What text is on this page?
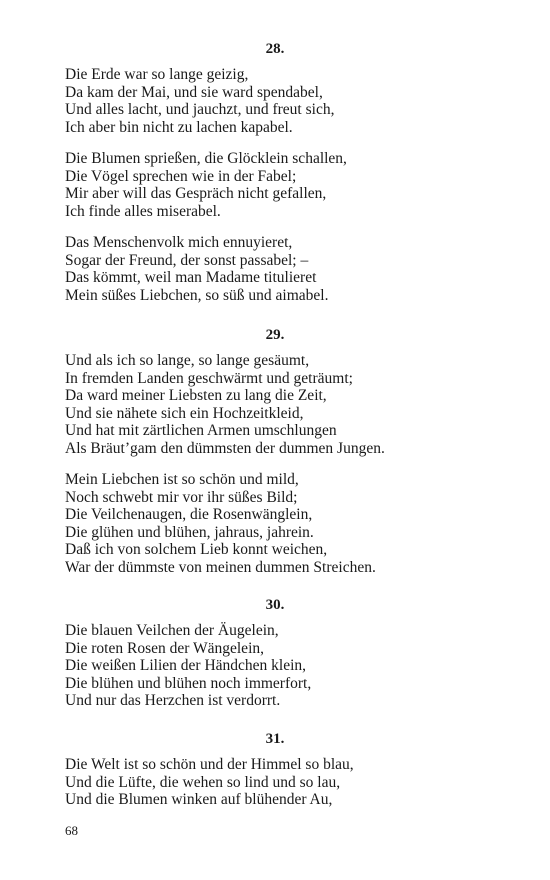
28.
Die Erde war so lange geizig,
Da kam der Mai, und sie ward spendabel,
Und alles lacht, und jauchzt, und freut sich,
Ich aber bin nicht zu lachen kapabel.
Die Blumen sprießen, die Glöcklein schallen,
Die Vögel sprechen wie in der Fabel;
Mir aber will das Gespräch nicht gefallen,
Ich finde alles miserabel.
Das Menschenvolk mich ennuyieret,
Sogar der Freund, der sonst passabel; –
Das kömmt, weil man Madame titulieret
Mein süßes Liebchen, so süß und aimabel.
29.
Und als ich so lange, so lange gesäumt,
In fremden Landen geschwärmt und geträumt;
Da ward meiner Liebsten zu lang die Zeit,
Und sie nähete sich ein Hochzeitkleid,
Und hat mit zärtlichen Armen umschlungen
Als Bräut’gam den dümmsten der dummen Jungen.
Mein Liebchen ist so schön und mild,
Noch schwebt mir vor ihr süßes Bild;
Die Veilchenaugen, die Rosenwänglein,
Die glühen und blühen, jahraus, jahrein.
Daß ich von solchem Lieb konnt weichen,
War der dümmste von meinen dummen Streichen.
30.
Die blauen Veilchen der Äugelein,
Die roten Rosen der Wängelein,
Die weißen Lilien der Händchen klein,
Die blühen und blühen noch immerfort,
Und nur das Herzchen ist verdorrt.
31.
Die Welt ist so schön und der Himmel so blau,
Und die Lüfte, die wehen so lind und so lau,
Und die Blumen winken auf blühender Au,
68
